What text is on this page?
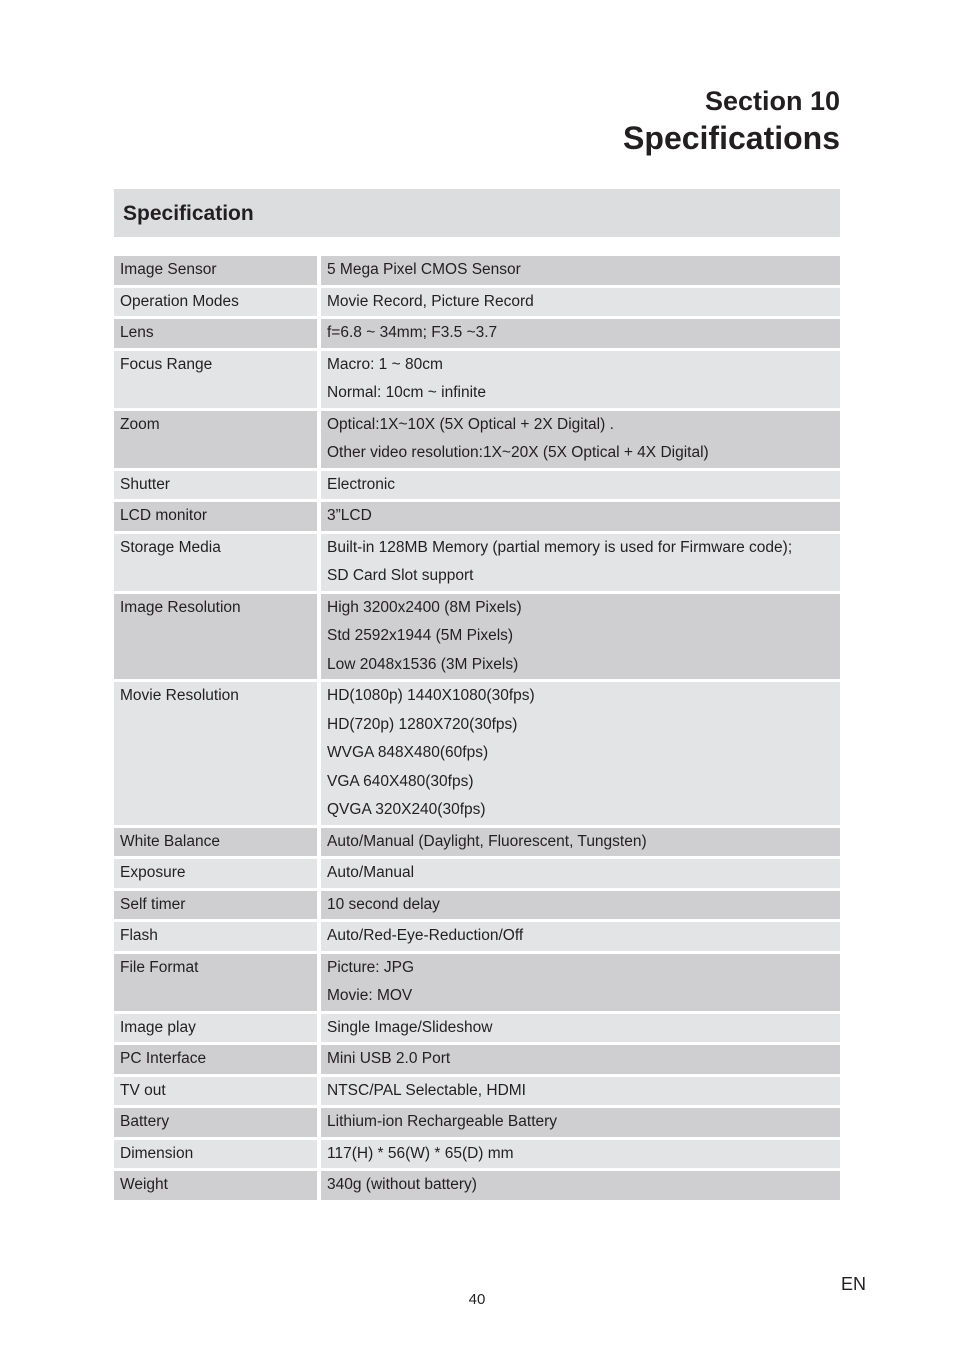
Section 10
Specifications
Specification
Image Sensor	5 Mega Pixel CMOS Sensor
Operation Modes	Movie Record, Picture Record
Lens	f=6.8 ~ 34mm; F3.5 ~3.7
Focus Range	Macro: 1 ~ 80cm
Normal: 10cm ~ infinite
Zoom	Optical:1X~10X (5X Optical + 2X Digital) .
Other video resolution:1X~20X (5X Optical + 4X Digital)
Shutter	Electronic
LCD monitor	3”LCD
Storage Media	Built-in 128MB Memory (partial memory is used for Firmware code);
SD Card Slot support
Image Resolution	High 3200x2400 (8M Pixels)
Std 2592x1944 (5M Pixels)
Low 2048x1536 (3M Pixels)
Movie Resolution	HD(1080p) 1440X1080(30fps)
HD(720p) 1280X720(30fps)
WVGA 848X480(60fps)
VGA 640X480(30fps)
QVGA 320X240(30fps)
White Balance	Auto/Manual (Daylight, Fluorescent, Tungsten)
Exposure	Auto/Manual
Self timer	10 second delay
Flash	Auto/Red-Eye-Reduction/Off
File Format	Picture: JPG
Movie: MOV
Image play	Single Image/Slideshow
PC Interface	Mini USB 2.0 Port
TV out	NTSC/PAL Selectable, HDMI
Battery	Lithium-ion Rechargeable Battery
Dimension	117(H) * 56(W) * 65(D) mm
Weight	340g (without battery)
40
EN
